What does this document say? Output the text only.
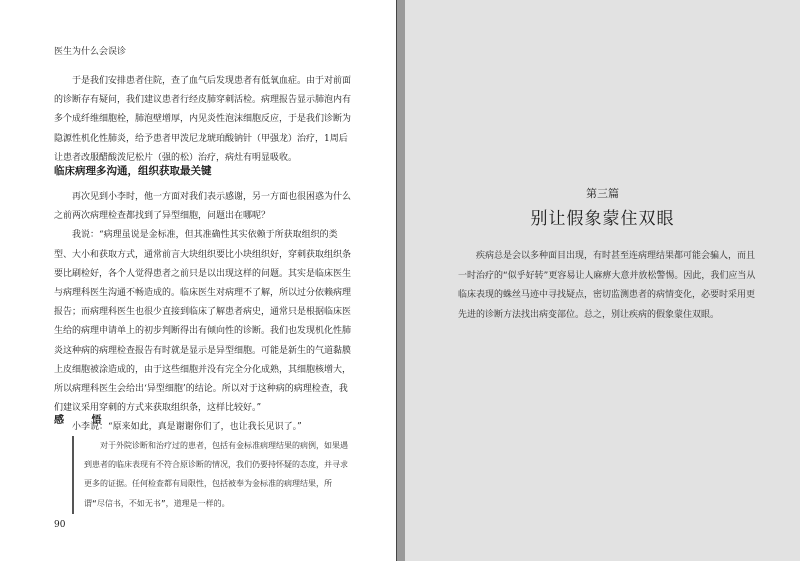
医生为什么会误诊

于是我们安排患者住院，查了血气后发现患者有低氧血症。由于对前面的诊断存有疑问，我们建议患者行经皮肺穿刺活检。病理报告显示肺泡内有多个成纤维细胞栓，肺泡壁增厚，内见炎性泡沫细胞反应，于是我们诊断为隐源性机化性肺炎，给予患者甲泼尼龙琥珀酸钠针（甲强龙）治疗，1周后让患者改服醋酸泼尼松片（强的松）治疗，病灶有明显吸收。

临床病理多沟通，组织获取最关键

再次见到小李时，他一方面对我们表示感谢，另一方面也很困惑为什么之前两次病理检查都找到了异型细胞，问题出在哪呢？

我说：“病理虽说是金标准，但其准确性其实依赖于所获取组织的类型、大小和获取方式，通常前言大块组织要比小块组织好，穿刺获取组织条要比刷检好，各个人觉得患者之前只是以出现这样的问题。其实是临床医生与病理科医生沟通不畅造成的。临床医生对病理不了解，所以过分依赖病理报告；而病理科医生也很少直接到临床了解患者病史，通常只是根据临床医生给的病理申请单上的初步判断得出有倾向性的诊断。我们也发现机化性肺炎这种病的病理检查报告有时就是显示是异型细胞。可能是新生的气道黏膜上皮细胞被涂造成的，由于这些细胞并没有完全分化成熟，其细胞核增大，所以病理科医生会给出‘异型细胞’的结论。所以对于这种病的病理检查，我们建议采用穿刺的方式来获取组织条，这样比较好。”

小李说：“原来如此，真是谢谢你们了，也让我长见识了。”

感 悟

对于外院诊断和治疗过的患者，包括有金标准病理结果的病例，如果遇到患者的临床表现有不符合原诊断的情况，我们仍要持怀疑的态度，并寻求更多的证据。任何检查都有局限性，包括被奉为金标准的病理结果，所谓“尽信书，不如无书”，道理是一样的。

90
第三篇
别让假象蒙住双眼

疾病总是会以多种面目出现，有时甚至连病理结果都可能会骗人，而且一时治疗的“似乎好转”更容易让人麻痹大意并放松警惕。因此，我们应当从临床表现的蛛丝马迹中寻找疑点，密切监测患者的病情变化，必要时采用更先进的诊断方法找出病变部位。总之，别让疾病的假象蒙住双眼。
